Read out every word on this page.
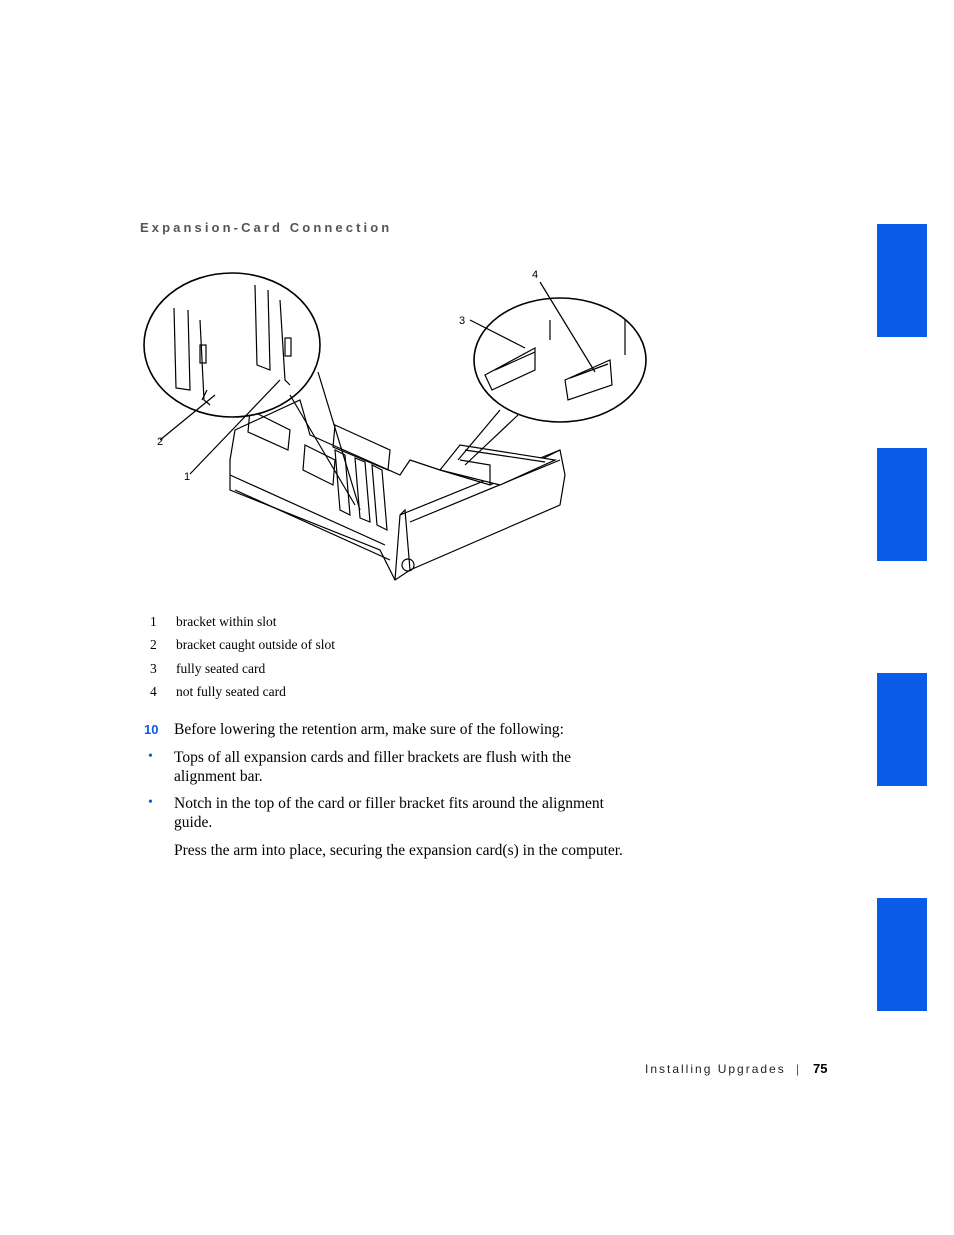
Expansion-Card Connection
2
1
3
4
1 bracket within slot
2 bracket caught outside of slot
3 fully seated card
4 not fully seated card
10 Before lowering the retention arm, make sure of the following:
• Tops of all expansion cards and filler brackets are flush with the alignment bar.
• Notch in the top of the card or filler bracket fits around the alignment guide.
Press the arm into place, securing the expansion card(s) in the computer.
Installing Upgrades | 75
